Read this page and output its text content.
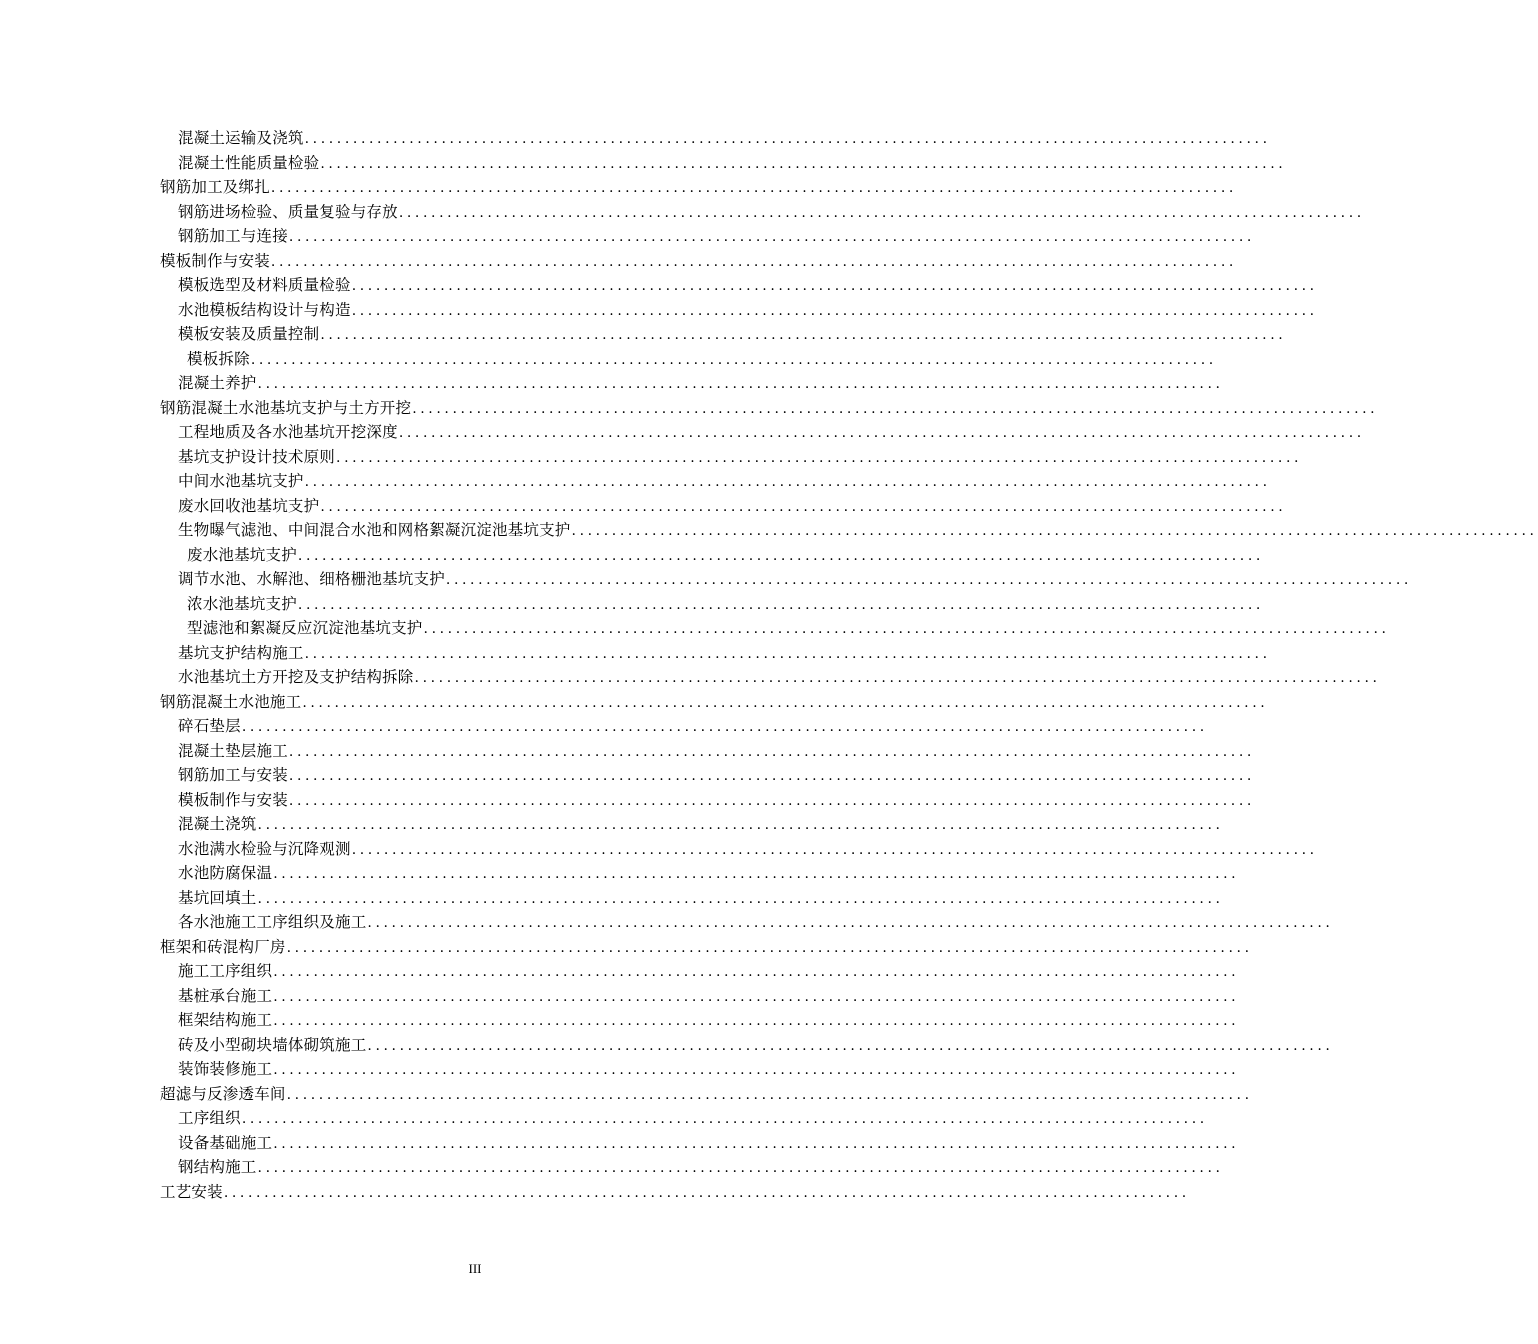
混凝土运输及浇筑 ........................................................................................................................
混凝土性能质量检验 ........................................................................................................................
钢筋加工及绑扎 ........................................................................................................................
钢筋进场检验、质量复验与存放 ........................................................................................................................
钢筋加工与连接 ........................................................................................................................
模板制作与安装 ........................................................................................................................
模板选型及材料质量检验 ........................................................................................................................
水池模板结构设计与构造 ........................................................................................................................
模板安装及质量控制 ........................................................................................................................
模板拆除 ........................................................................................................................
混凝土养护 ........................................................................................................................
钢筋混凝土水池基坑支护与土方开挖 ........................................................................................................................
工程地质及各水池基坑开挖深度 ........................................................................................................................
基坑支护设计技术原则 ........................................................................................................................
中间水池基坑支护 ........................................................................................................................
废水回收池基坑支护 ........................................................................................................................
生物曝气滤池、中间混合水池和网格絮凝沉淀池基坑支护 ........................................................................................................................
废水池基坑支护 ........................................................................................................................
调节水池、水解池、细格栅池基坑支护 ........................................................................................................................
浓水池基坑支护 ........................................................................................................................
型滤池和絮凝反应沉淀池基坑支护 ........................................................................................................................
基坑支护结构施工 ........................................................................................................................
水池基坑土方开挖及支护结构拆除 ........................................................................................................................
钢筋混凝土水池施工 ........................................................................................................................
碎石垫层 ........................................................................................................................
混凝土垫层施工 ........................................................................................................................
钢筋加工与安装 ........................................................................................................................
模板制作与安装 ........................................................................................................................
混凝土浇筑 ........................................................................................................................
水池满水检验与沉降观测 ........................................................................................................................
水池防腐保温 ........................................................................................................................
基坑回填土 ........................................................................................................................
各水池施工工序组织及施工 ........................................................................................................................
框架和砖混构厂房 ........................................................................................................................
施工工序组织 ........................................................................................................................
基桩承台施工 ........................................................................................................................
框架结构施工 ........................................................................................................................
砖及小型砌块墙体砌筑施工 ........................................................................................................................
装饰装修施工 ........................................................................................................................
超滤与反渗透车间 ........................................................................................................................
工序组织 ........................................................................................................................
设备基础施工 ........................................................................................................................
钢结构施工 ........................................................................................................................
工艺安装 ........................................................................................................................
III
